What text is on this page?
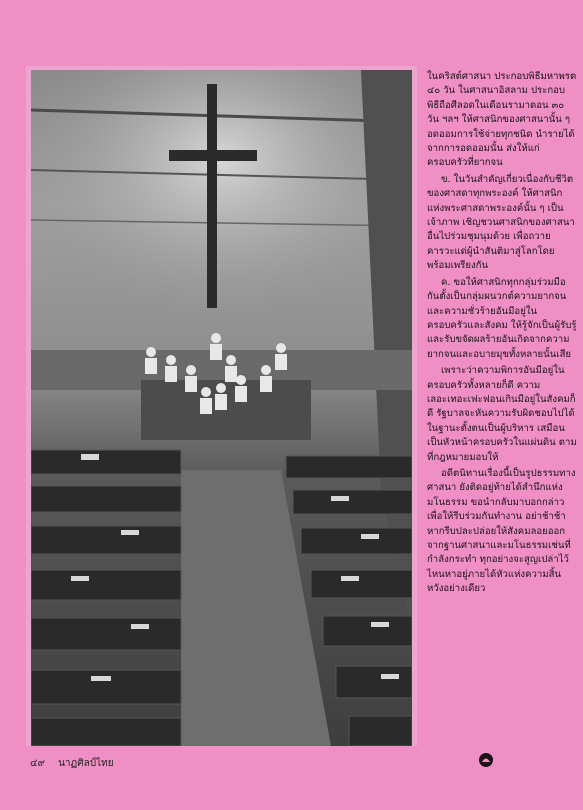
ในคริสต์ศาสนา ประกอบพิธีมหาพรต ๔๐ วัน ในศาสนาอิสลาม ประกอบพิธีถือศีลอดในเดือนรามาดอน ๓๐ วัน ฯลฯ ให้ศาสนิกของศาสนานั้น ๆ อดออมการใช้จ่ายทุกชนิด นำรายได้จากการอดออมนั้น ส่งให้แก่ครอบครัวที่ยากจน

ข. ในวันสำคัญเกี่ยวเนื่องกับชีวิตของศาสดาทุกพระองค์ ให้ศาสนิกแห่งพระศาสดาพระองค์นั้น ๆ เป็นเจ้าภาพ เชิญชวนศาสนิกของศาสนาอื่นไปร่วมชุมนุมด้วย เพื่อถวายคารวะแด่ผู้นำสันติมาสู่โลกโดยพร้อมเพรียงกัน

ค. ขอให้ศาสนิกทุกกลุ่มร่วมมือกันตั้งเป็นกลุ่มผนวกต์ความยากจน และความชั่วร้ายอันมีอยู่ในครอบครัวและสังคม ให้รู้จักเป็นผู้รับรู้และรับขจัดผลร้ายอันเกิดจากความยากจนและอบายมุขทั้งหลายนั้นเสีย

เพราะว่าความพิการอันมีอยู่ในครอบครัวทั้งหลายก็ดี ความเลอะเทอะเฟะฟอนเกินมีอยู่ในสังคมก็ดี รัฐบาลจะหันความรับผิดชอบไปได้ในฐานะตั้งตนเป็นผู้บริหาร เสมือนเป็นหัวหน้าครอบครัวในแผ่นดิน ตามที่กฎหมายมอบให้

อดีตนิทานเรื่องนี้เป็นรูปธรรมทางศาสนา ยังติดอยู่ท้ายได้สำนึกแห่งมโนธรรม ขอนำกลับมาบอกกล่าว เพื่อให้รีบร่วมกันทำงาน อย่าช้าช้า หากรีบปละปล่อยให้สังคมลอยออกจากฐานศาสนาและมโนธรรมเช่นที่กำลังกระทำ ทุกอย่างจะสูญเปล่าไว้ ไหนหาอยู่ภายได้หัวแห่งความสิ้นหวังอย่างเดียว

๔๙ นาฏศิลป์ไทย
